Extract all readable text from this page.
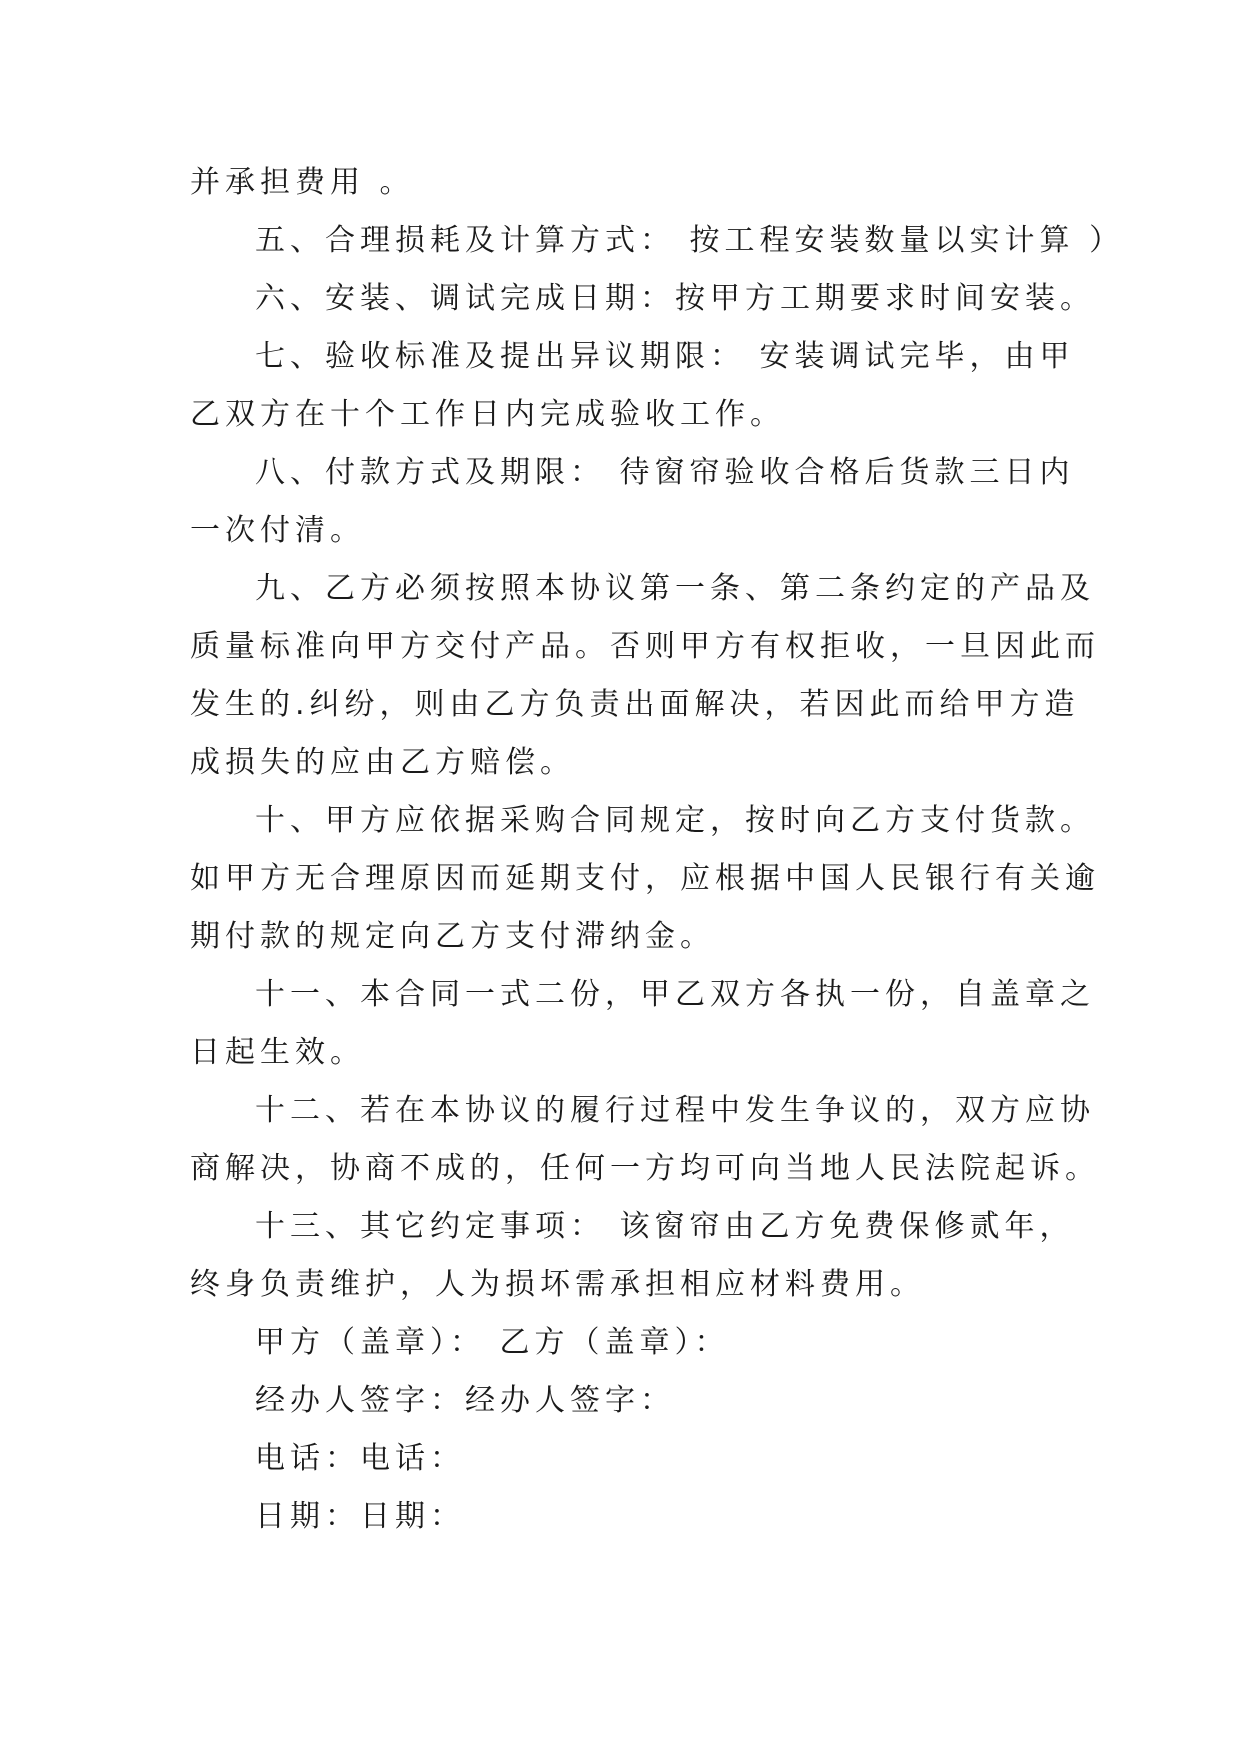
并承担费用 。
五、合理损耗及计算方式： 按工程安装数量以实计算 ）
六、安装、调试完成日期：按甲方工期要求时间安装。
七、验收标准及提出异议期限： 安装调试完毕，由甲
乙双方在十个工作日内完成验收工作。
八、付款方式及期限： 待窗帘验收合格后货款三日内
一次付清。
九、乙方必须按照本协议第一条、第二条约定的产品及
质量标准向甲方交付产品。否则甲方有权拒收，一旦因此而
发生的.纠纷，则由乙方负责出面解决，若因此而给甲方造
成损失的应由乙方赔偿。
十、甲方应依据采购合同规定，按时向乙方支付货款。
如甲方无合理原因而延期支付，应根据中国人民银行有关逾
期付款的规定向乙方支付滞纳金。
十一、本合同一式二份，甲乙双方各执一份，自盖章之
日起生效。
十二、若在本协议的履行过程中发生争议的，双方应协
商解决，协商不成的，任何一方均可向当地人民法院起诉。
十三、其它约定事项： 该窗帘由乙方免费保修贰年，
终身负责维护，人为损坏需承担相应材料费用。
甲方（盖章）： 乙方（盖章）：
经办人签字：经办人签字：
电话：电话：
日期：日期：
